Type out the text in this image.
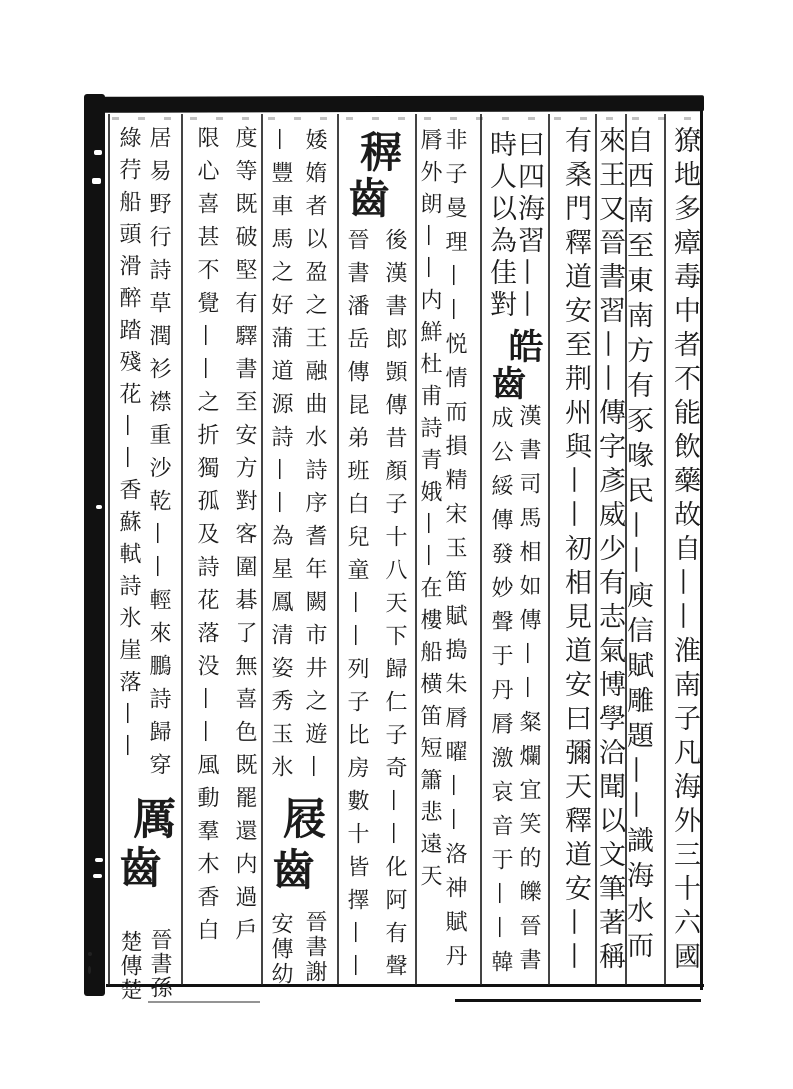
獠地多瘴毒中者不能飲藥故自——淮南子凡海外三十六國
自西南至東南方有豕喙民——庾信賦雕題——識海水而
來王又晉書習——傳字彥威少有志氣博學洽聞以文筆著稱
有桑門釋道安至荆州與——初相見道安曰彌天釋道安——
曰四海習——
時人以為佳對
皓齒
漢書司馬相如傳——粲爛宜笑的皪晉書
成公綏傳發妙聲于丹脣激哀音于——韓
非子曼理——悦情而損精宋玉笛賦搗朱脣曜——洛神賦丹
脣外朗——内鮮杜甫詩青娥——在樓船横笛短簫悲遠天
稺齒
後漢書郎顗傳昔顏子十八天下歸仁子奇——化阿有聲
晉書潘岳傳昆弟班白兒童——列子比房數十皆擇——
婑媠者以盈之王融曲水詩序耆年闕市井之遊—
—豐車馬之好蒲道源詩——為星鳳清姿秀玉氷
屐齒
晉書謝
安傳幼
度等既破堅有驛書至安方對客圍碁了無喜色既罷還内過戶
限心喜甚不覺——之折獨孤及詩花落没——風動羣木香白
居易野行詩草潤衫襟重沙乾——輕來鵬詩歸穿
綠荇船頭滑醉踏殘花——香蘇軾詩氷崖落——
厲齒
晉書孫
楚傳楚
